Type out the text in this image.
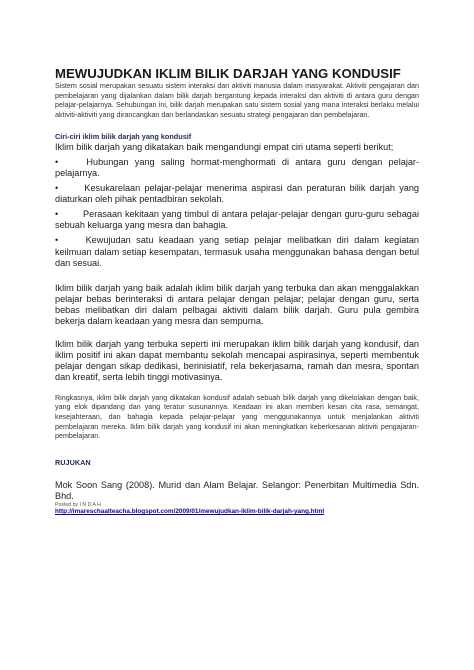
MEWUJUDKAN IKLIM BILIK DARJAH YANG KONDUSIF

Sistem sosial merupakan sesuatu sistem interaksi dan aktiviti manusia dalam masyarakat. Aktiviti pengajaran dan pembelajaran yang dijalankan dalam bilik darjah bergantung kepada interaksi dan aktiviti di antara guru dengan pelajar-pelajarnya. Sehubungan ini, bilik darjah merupakan satu sistem sosial yang mana interaksi berlaku melalui aktiviti-aktiviti yang dirancangkan dan berlandaskan sesuatu strategi pengajaran dan pembelajaran.

Ciri-ciri iklim bilik darjah yang kondusif

Iklim bilik darjah yang dikatakan baik mengandungi empat ciri utama seperti berikut;

•	Hubungan yang saling hormat-menghormati di antara guru dengan pelajar-pelajarnya.
•	Kesukarelaan pelajar-pelajar menerima aspirasi dan peraturan bilik darjah yang diaturkan oleh pihak pentadbiran sekolah.
•	Perasaan kekitaan yang timbul di antara pelajar-pelajar dengan guru-guru sebagai sebuah keluarga yang mesra dan bahagia.
•	Kewujudan satu keadaan yang setiap pelajar melibatkan diri dalam kegiatan keilmuan dalam setiap kesempatan, termasuk usaha menggunakan bahasa dengan betul dan sesuai.

Iklim bilik darjah yang baik adalah iklim bilik darjah yang terbuka dan akan menggalakkan pelajar bebas berinteraksi di antara pelajar dengan pelajar; pelajar dengan guru, serta bebas melibatkan diri dalam pelbagai aktiviti dalam bilik darjah. Guru pula gembira bekerja dalam keadaan yang mesra dan sempurna.

Iklim bilik darjah yang terbuka seperti ini merupakan iklim bilik darjah yang kondusif, dan iklim positif ini akan dapat membantu sekolah mencapai aspirasinya, seperti membentuk pelajar dengan sikap dedikasi, berinisiatif, rela bekerjasama, ramah dan mesra, spontan dan kreatif, serta lebih tinggi motivasinya.

Ringkasnya, iklim bilik darjah yang dikatakan kondusif adalah sebuah bilik darjah yang dikelolakan dengan baik, yang elok dipandang dan yang teratur susunannya. Keadaan ini akan memberi kesan cita rasa, semangat, kesejahteraan, dan bahagia kepada pelajar-pelajar yang menggunakannya untuk menjalankan aktiviti pembelajaran mereka. Iklim bilik darjah yang kondusif ini akan meningkatkan keberkesanan aktiviti pengajaran-pembelajaran.

RUJUKAN

Mok Soon Sang (2008). Murid dan Alam Belajar. Selangor: Penerbitan Multimedia Sdn. Bhd.

Posted by I N D A H

http://imareschaalteacha.blogspot.com/2009/01/mewujudkan-iklim-bilik-darjah-yang.html
